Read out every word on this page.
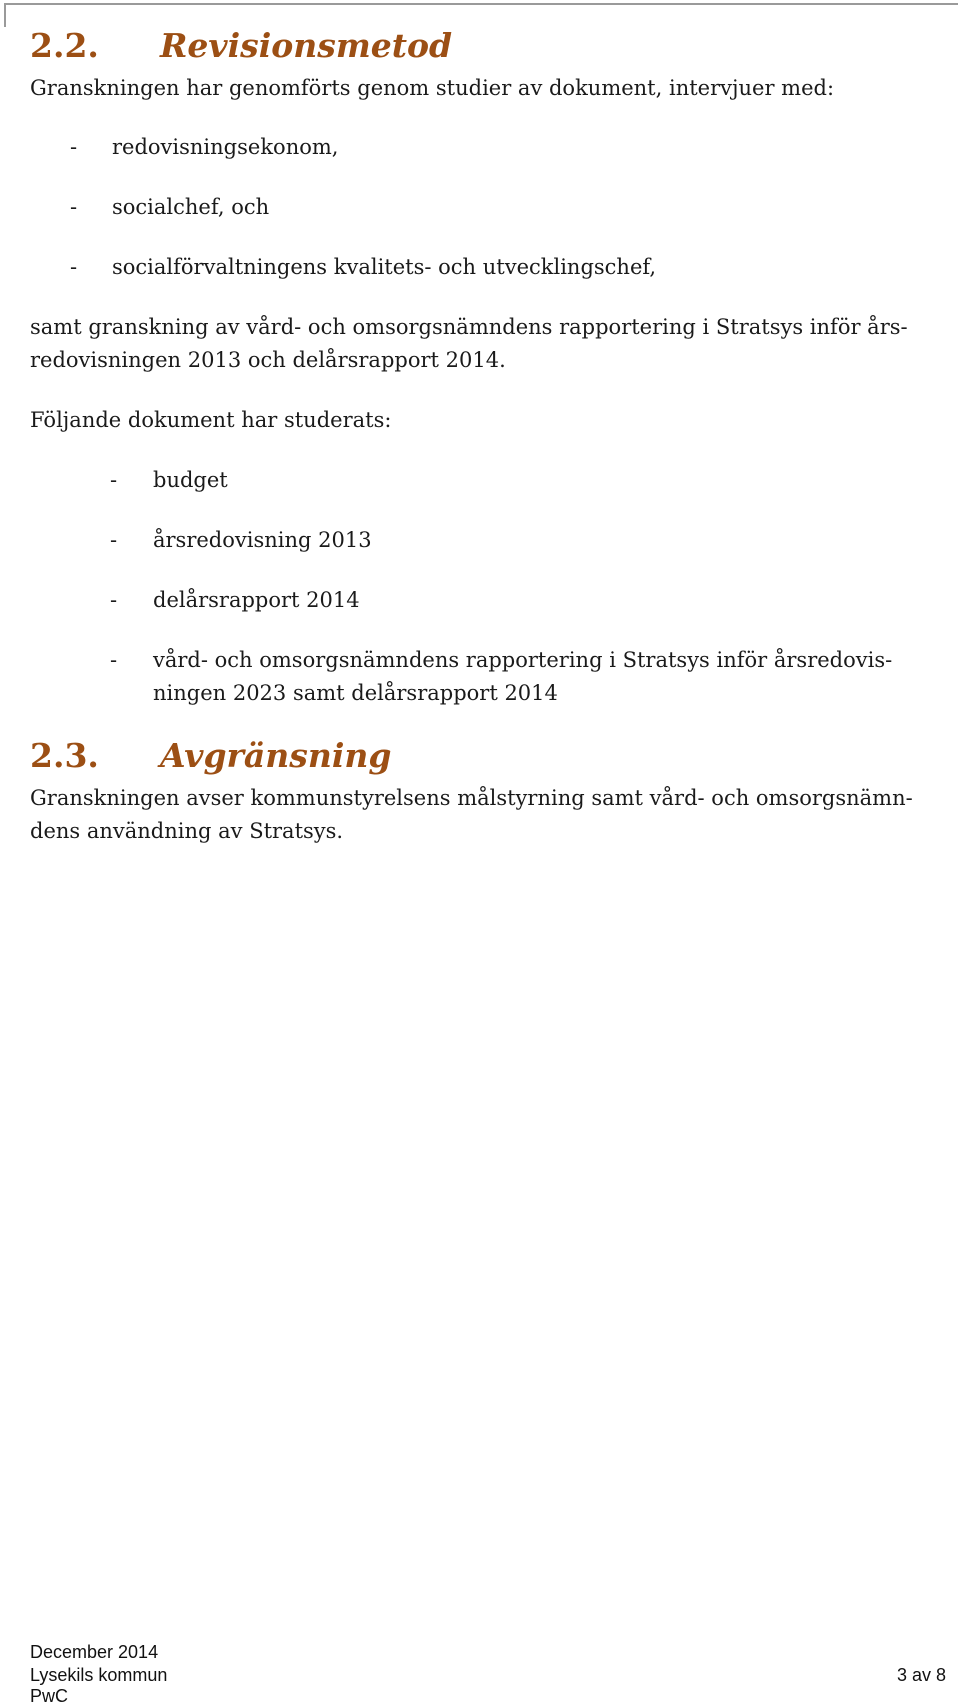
2.2. Revisionsmetod

Granskningen har genomförts genom studier av dokument, intervjuer med:

- redovisningsekonom,
- socialchef, och
- socialförvaltningens kvalitets- och utvecklingschef,

samt granskning av vård- och omsorgsnämndens rapportering i Stratsys inför års-

redovisningen 2013 och delårsrapport 2014.

Följande dokument har studerats:

- budget
- årsredovisning 2013
- delårsrapport 2014
- vård- och omsorgsnämndens rapportering i Stratsys inför årsredovis-
ningen 2023 samt delårsrapport 2014
2.3. Avgränsning

Granskningen avser kommunstyrelsens målstyrning samt vård- och omsorgsnämn-

dens användning av Stratsys.

December 2014
Lysekils kommun
PwC
3 av 8
